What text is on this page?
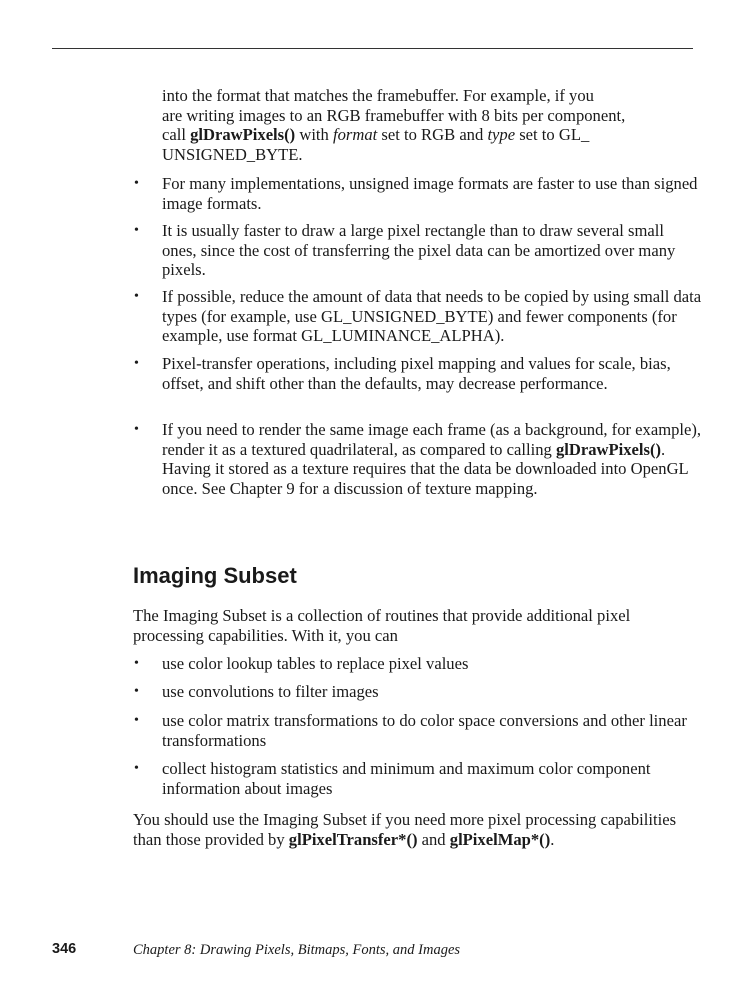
into the format that matches the framebuffer. For example, if you
are writing images to an RGB framebuffer with 8 bits per component,
call glDrawPixels() with format set to RGB and type set to GL_
UNSIGNED_BYTE.

• For many implementations, unsigned image formats are faster to use than signed image formats.

• It is usually faster to draw a large pixel rectangle than to draw several small ones, since the cost of transferring the pixel data can be amortized over many pixels.

• If possible, reduce the amount of data that needs to be copied by using small data types (for example, use GL_UNSIGNED_BYTE) and fewer components (for example, use format GL_LUMINANCE_ALPHA).

• Pixel-transfer operations, including pixel mapping and values for scale, bias, offset, and shift other than the defaults, may decrease performance.

• If you need to render the same image each frame (as a background, for example), render it as a textured quadrilateral, as compared to calling glDrawPixels(). Having it stored as a texture requires that the data be downloaded into OpenGL once. See Chapter 9 for a discussion of texture mapping.

Imaging Subset

The Imaging Subset is a collection of routines that provide additional pixel processing capabilities. With it, you can

• use color lookup tables to replace pixel values

• use convolutions to filter images

• use color matrix transformations to do color space conversions and other linear transformations

• collect histogram statistics and minimum and maximum color component information about images

You should use the Imaging Subset if you need more pixel processing capabilities than those provided by glPixelTransfer*() and glPixelMap*().

346	Chapter 8: Drawing Pixels, Bitmaps, Fonts, and Images
